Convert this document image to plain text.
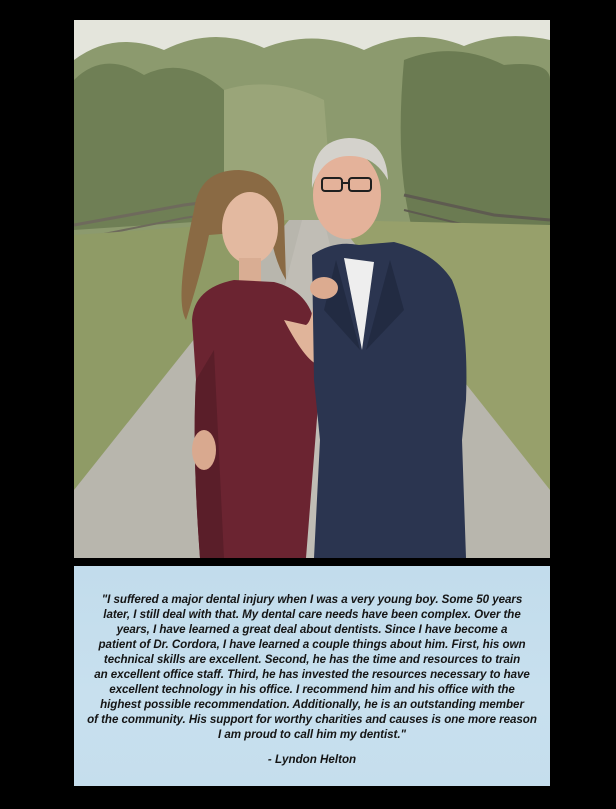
"I suffered a major dental injury when I was a very young boy. Some 50 years
later, I still deal with that. My dental care needs have been complex. Over the
years, I have learned a great deal about dentists. Since I have become a
patient of Dr. Cordora, I have learned a couple things about him. First, his own
technical skills are excellent. Second, he has the time and resources to train
an excellent office staff. Third, he has invested the resources necessary to have
excellent technology in his office. I recommend him and his office with the
highest possible recommendation. Additionally, he is an outstanding member
of the community. His support for worthy charities and causes is one more reason
I am proud to call him my dentist."

- Lyndon Helton
